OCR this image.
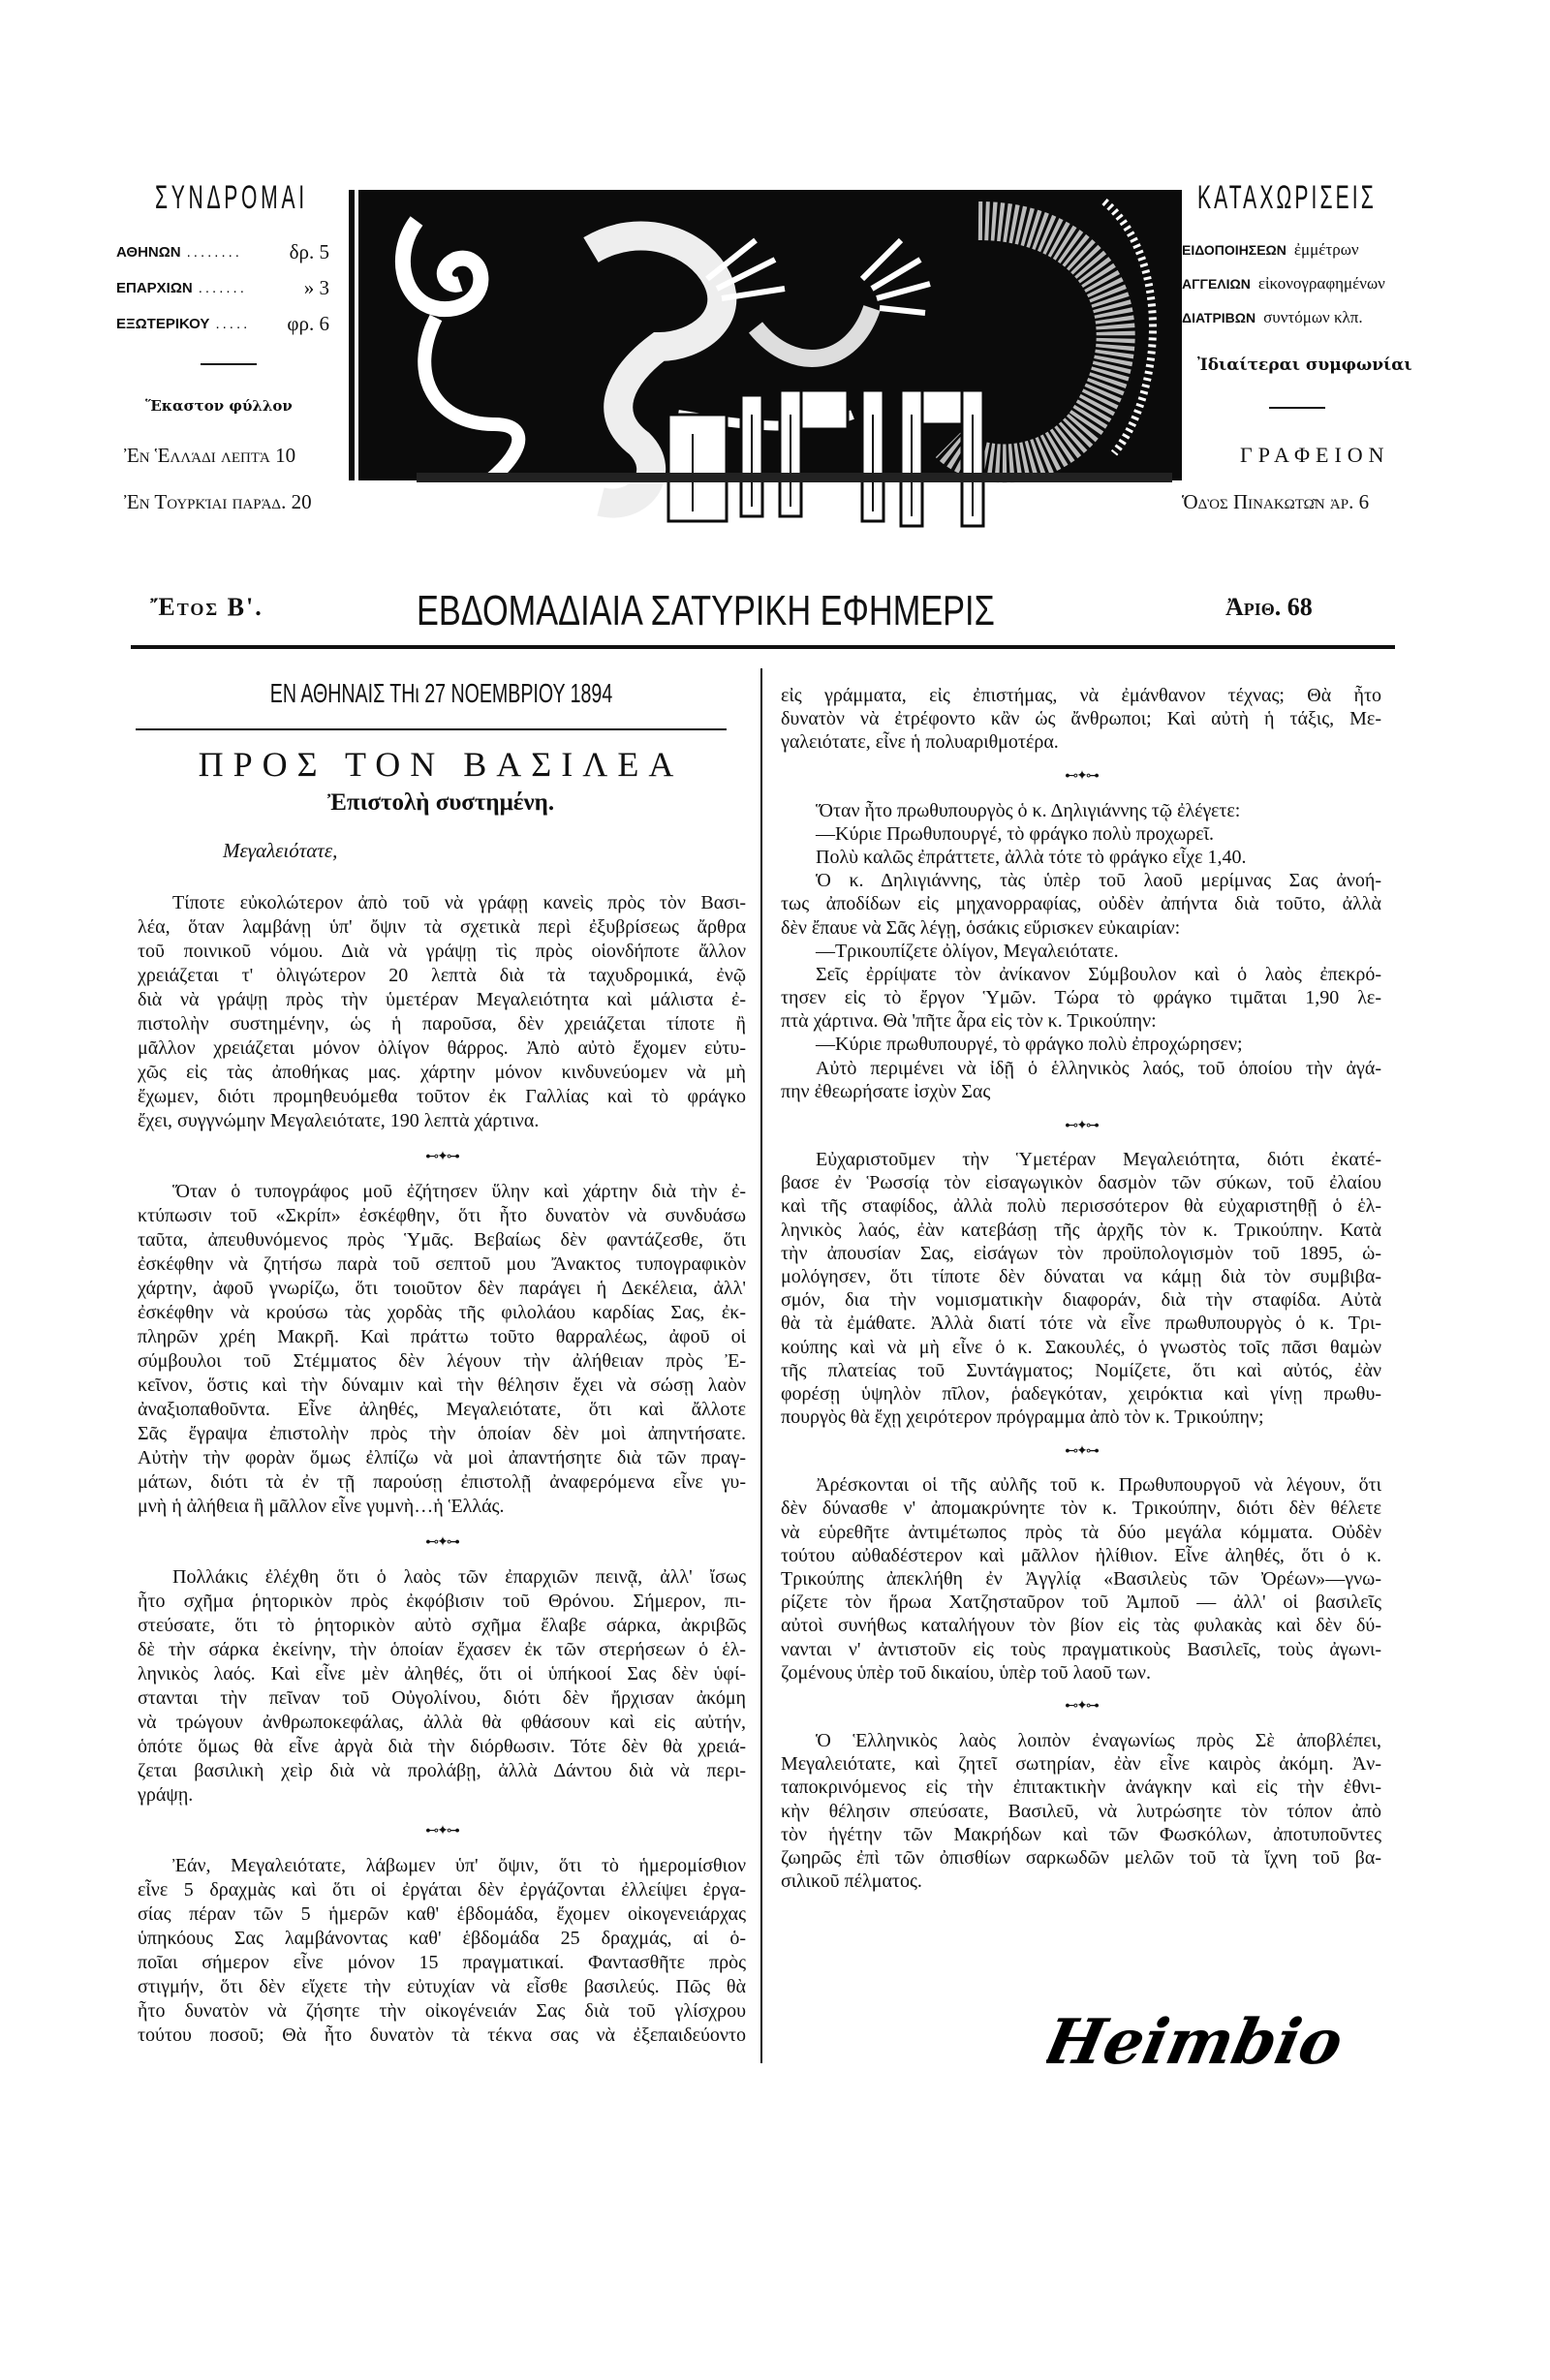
ΣΥΝΔΡΟΜΑΙ
ΑΘΗΝΩΝ ........ δρ. 5
ΕΠΑΡΧΙΩΝ .......	» 3
ΕΞΩΤΕΡΙΚΟΥ ..... φρ. 6
Ἕκαστον φύλλον
Ἐν Ἑλλάδι λεπτὰ 10
Ἐν Τουρκίᾳ παράδ. 20
ΚΑΤΑΧΩΡΙΣΕΙΣ
ΕΙΔΟΠΟΙΗΣΕΩΝ ἐμμέτρων
ΑΓΓΕΛΙΩΝ εἰκονογραφημένων
ΔΙΑΤΡΙΒΩΝ συντόμων κλπ.
Ἰδιαίτεραι συμφωνίαι
ΓΡΑΦΕΙΟΝ
Ὁδὸς Πινακωτῶν ἀρ. 6
Ἔτος Β'.	ΕΒΔΟΜΑΔΙΑΙΑ ΣΑΤΥΡΙΚΗ ΕΦΗΜΕΡΙΣ	Ἀριθ. 68
ΕΝ ΑΘΗΝΑΙΣ ΤΗι 27 ΝΟΕΜΒΡΙΟΥ 1894
ΠΡΟΣ ΤΟΝ ΒΑΣΙΛΕΑ
Ἐπιστολὴ συστημένη.
Μεγαλειότατε,
Τίποτε εὐκολώτερον ἀπὸ τοῦ νὰ γράφῃ κανεὶς πρὸς τὸν Βασι-
λέα, ὅταν λαμβάνῃ ὑπ' ὄψιν τὰ σχετικὰ περὶ ἐξυβρίσεως ἄρθρα
τοῦ ποινικοῦ νόμου. Διὰ νὰ γράψῃ τὶς πρὸς οἱονδήποτε ἄλλον
χρειάζεται τ' ὀλιγώτερον 20 λεπτὰ διὰ τὰ ταχυδρομικά, ἐνῷ
διὰ νὰ γράψῃ πρὸς τὴν ὑμετέραν Μεγαλειότητα καὶ μάλιστα ἐ-
πιστολὴν συστημένην, ὡς ἡ παροῦσα, δὲν χρειάζεται τίποτε ἢ
μᾶλλον χρειάζεται μόνον ὀλίγον θάρρος. Ἀπὸ αὐτὸ ἔχομεν εὐτυ-
χῶς εἰς τὰς ἀποθήκας μας. χάρτην μόνον κινδυνεύομεν νὰ μὴ
ἔχωμεν, διότι προμηθευόμεθα τοῦτον ἐκ Γαλλίας καὶ τὸ φράγκο
ἔχει, συγγνώμην Μεγαλειότατε, 190 λεπτὰ χάρτινα.
⊷✦⊶
Ὅταν ὁ τυπογράφος μοῦ ἐζήτησεν ὕλην καὶ χάρτην διὰ τὴν ἐ-
κτύπωσιν τοῦ «Σκρίπ» ἐσκέφθην, ὅτι ἦτο δυνατὸν νὰ συνδυάσω
ταῦτα, ἀπευθυνόμενος πρὸς Ὑμᾶς. Βεβαίως δὲν φαντάζεσθε, ὅτι
ἐσκέφθην νὰ ζητήσω παρὰ τοῦ σεπτοῦ μου Ἄνακτος τυπογραφικὸν
χάρτην, ἀφοῦ γνωρίζω, ὅτι τοιοῦτον δὲν παράγει ἡ Δεκέλεια, ἀλλ'
ἐσκέφθην νὰ κρούσω τὰς χορδὰς τῆς φιλολάου καρδίας Σας, ἐκ-
πληρῶν χρέη Μακρῆ. Καὶ πράττω τοῦτο θαρραλέως, ἀφοῦ οἱ
σύμβουλοι τοῦ Στέμματος δὲν λέγουν τὴν ἀλήθειαν πρὸς Ἐ-
κεῖνον, ὅστις καὶ τὴν δύναμιν καὶ τὴν θέλησιν ἔχει νὰ σώσῃ λαὸν
ἀναξιοπαθοῦντα. Εἶνε ἀληθές, Μεγαλειότατε, ὅτι καὶ ἄλλοτε
Σᾶς ἔγραψα ἐπιστολὴν πρὸς τὴν ὁποίαν δὲν μοὶ ἀπηντήσατε.
Αὐτὴν τὴν φορὰν ὅμως ἐλπίζω νὰ μοὶ ἀπαντήσητε διὰ τῶν πραγ-
μάτων, διότι τὰ ἐν τῇ παρούσῃ ἐπιστολῇ ἀναφερόμενα εἶνε γυ-
μνὴ ἡ ἀλήθεια ἢ μᾶλλον εἶνε γυμνὴ…ἡ Ἑλλάς.
⊷✦⊶
Πολλάκις ἐλέχθη ὅτι ὁ λαὸς τῶν ἐπαρχιῶν πεινᾷ, ἀλλ' ἴσως
ἦτο σχῆμα ῥητορικὸν πρὸς ἐκφόβισιν τοῦ Θρόνου. Σήμερον, πι-
στεύσατε, ὅτι τὸ ῥητορικὸν αὐτὸ σχῆμα ἔλαβε σάρκα, ἀκριβῶς
δὲ τὴν σάρκα ἐκείνην, τὴν ὁποίαν ἔχασεν ἐκ τῶν στερήσεων ὁ ἑλ-
ληνικὸς λαός. Καὶ εἶνε μὲν ἀληθές, ὅτι οἱ ὑπήκοοί Σας δὲν ὑφί-
στανται τὴν πεῖναν τοῦ Οὐγολίνου, διότι δὲν ἤρχισαν ἀκόμη
νὰ τρώγουν ἀνθρωποκεφάλας, ἀλλὰ θὰ φθάσουν καὶ εἰς αὐτήν,
ὁπότε ὅμως θὰ εἶνε ἀργὰ διὰ τὴν διόρθωσιν. Τότε δὲν θὰ χρειά-
ζεται βασιλικὴ χεὶρ διὰ νὰ προλάβῃ, ἀλλὰ Δάντου διὰ νὰ περι-
γράψῃ.
⊷✦⊶
Ἐάν, Μεγαλειότατε, λάβωμεν ὑπ' ὄψιν, ὅτι τὸ ἡμερομίσθιον
εἶνε 5 δραχμὰς καὶ ὅτι οἱ ἐργάται δὲν ἐργάζονται ἐλλείψει ἐργα-
σίας πέραν τῶν 5 ἡμερῶν καθ' ἑβδομάδα, ἔχομεν οἰκογενειάρχας
ὑπηκόους Σας λαμβάνοντας καθ' ἑβδομάδα 25 δραχμάς, αἱ ὁ-
ποῖαι σήμερον εἶνε μόνον 15 πραγματικαί. Φαντασθῆτε πρὸς
στιγμήν, ὅτι δὲν εἴχετε τὴν εὐτυχίαν νὰ εἶσθε βασιλεύς. Πῶς θὰ
ἦτο δυνατὸν νὰ ζήσητε τὴν οἰκογένειάν Σας διὰ τοῦ γλίσχρου
τούτου ποσοῦ; Θὰ ἦτο δυνατὸν τὰ τέκνα σας νὰ ἐξεπαιδεύοντο
εἰς γράμματα, εἰς ἐπιστήμας, νὰ ἐμάνθανον τέχνας; Θὰ ἦτο
δυνατὸν νὰ ἐτρέφοντο κἂν ὡς ἄνθρωποι; Καὶ αὐτὴ ἡ τάξις, Με-
γαλειότατε, εἶνε ἡ πολυαριθμοτέρα.
⊷✦⊶
Ὅταν ἦτο πρωθυπουργὸς ὁ κ. Δηλιγιάννης τῷ ἐλέγετε:
—Κύριε Πρωθυπουργέ, τὸ φράγκο πολὺ προχωρεῖ.
Πολὺ καλῶς ἐπράττετε, ἀλλὰ τότε τὸ φράγκο εἶχε 1,40.
Ὁ κ. Δηλιγιάννης, τὰς ὑπὲρ τοῦ λαοῦ μερίμνας Σας ἀνοή-
τως ἀποδίδων εἰς μηχανορραφίας, οὐδὲν ἀπήντα διὰ τοῦτο, ἀλλὰ
δὲν ἔπαυε νὰ Σᾶς λέγῃ, ὁσάκις εὕρισκεν εὐκαιρίαν:
—Τρικουπίζετε ὀλίγον, Μεγαλειότατε.
Σεῖς ἐρρίψατε τὸν ἀνίκανον Σύμβουλον καὶ ὁ λαὸς ἐπεκρό-
τησεν εἰς τὸ ἔργον Ὑμῶν. Τώρα τὸ φράγκο τιμᾶται 1,90 λε-
πτὰ χάρτινα. Θὰ 'πῆτε ἆρα εἰς τὸν κ. Τρικούπην:
—Κύριε πρωθυπουργέ, τὸ φράγκο πολὺ ἐπροχώρησεν;
Αὐτὸ περιμένει νὰ ἰδῇ ὁ ἑλληνικὸς λαός, τοῦ ὁποίου τὴν ἀγά-
πην ἐθεωρήσατε ἰσχὺν Σας
⊷✦⊶
Εὐχαριστοῦμεν τὴν Ὑμετέραν Μεγαλειότητα, διότι ἐκατέ-
βασε ἐν Ῥωσσίᾳ τὸν εἰσαγωγικὸν δασμὸν τῶν σύκων, τοῦ ἐλαίου
καὶ τῆς σταφίδος, ἀλλὰ πολὺ περισσότερον θὰ εὐχαριστηθῇ ὁ ἑλ-
ληνικὸς λαός, ἐὰν κατεβάσῃ τῆς ἀρχῆς τὸν κ. Τρικούπην. Κατὰ
τὴν ἀπουσίαν Σας, εἰσάγων τὸν προϋπολογισμὸν τοῦ 1895, ὡ-
μολόγησεν, ὅτι τίποτε δὲν δύναται να κάμῃ διὰ τὸν συμβιβα-
σμόν, δια τὴν νομισματικὴν διαφοράν, διὰ τὴν σταφίδα. Αὐτὰ
θὰ τὰ ἐμάθατε. Ἀλλὰ διατί τότε νὰ εἶνε πρωθυπουργὸς ὁ κ. Τρι-
κούπης καὶ νὰ μὴ εἶνε ὁ κ. Σακουλές, ὁ γνωστὸς τοῖς πᾶσι θαμὼν
τῆς πλατείας τοῦ Συντάγματος; Νομίζετε, ὅτι καὶ αὐτός, ἐὰν
φορέσῃ ὑψηλὸν πῖλον, ῥαδεγκόταν, χειρόκτια καὶ γίνῃ πρωθυ-
πουργὸς θὰ ἔχῃ χειρότερον πρόγραμμα ἀπὸ τὸν κ. Τρικούπην;
⊷✦⊶
Ἀρέσκονται οἱ τῆς αὐλῆς τοῦ κ. Πρωθυπουργοῦ νὰ λέγουν, ὅτι
δὲν δύνασθε ν' ἀπομακρύνητε τὸν κ. Τρικούπην, διότι δὲν θέλετε
νὰ εὑρεθῆτε ἀντιμέτωπος πρὸς τὰ δύο μεγάλα κόμματα. Οὐδὲν
τούτου αὐθαδέστερον καὶ μᾶλλον ἠλίθιον. Εἶνε ἀληθές, ὅτι ὁ κ.
Τρικούπης ἀπεκλήθη ἐν Ἀγγλίᾳ «Βασιλεὺς τῶν Ὀρέων»—γνω-
ρίζετε τὸν ἥρωα Χατζησταῦρον τοῦ Ἀμποῦ — ἀλλ' οἱ βασιλεῖς
αὐτοὶ συνήθως καταλήγουν τὸν βίον εἰς τὰς φυλακὰς καὶ δὲν δύ-
νανται ν' ἀντιστοῦν εἰς τοὺς πραγματικοὺς Βασιλεῖς, τοὺς ἀγωνι-
ζομένους ὑπὲρ τοῦ δικαίου, ὑπὲρ τοῦ λαοῦ των.
⊷✦⊶
Ὁ Ἑλληνικὸς λαὸς λοιπὸν ἐναγωνίως πρὸς Σὲ ἀποβλέπει,
Μεγαλειότατε, καὶ ζητεῖ σωτηρίαν, ἐὰν εἶνε καιρὸς ἀκόμη. Ἀν-
ταποκρινόμενος εἰς τὴν ἐπιτακτικὴν ἀνάγκην καὶ εἰς τὴν ἐθνι-
κὴν θέλησιν σπεύσατε, Βασιλεῦ, νὰ λυτρώσητε τὸν τόπον ἀπὸ
τὸν ἡγέτην τῶν Μακρήδων καὶ τῶν Φωσκόλων, ἀποτυποῦντες
ζωηρῶς ἐπὶ τῶν ὀπισθίων σαρκωδῶν μελῶν τοῦ τὰ ἴχνη τοῦ βα-
σιλικοῦ πέλματος.
Heimbio
